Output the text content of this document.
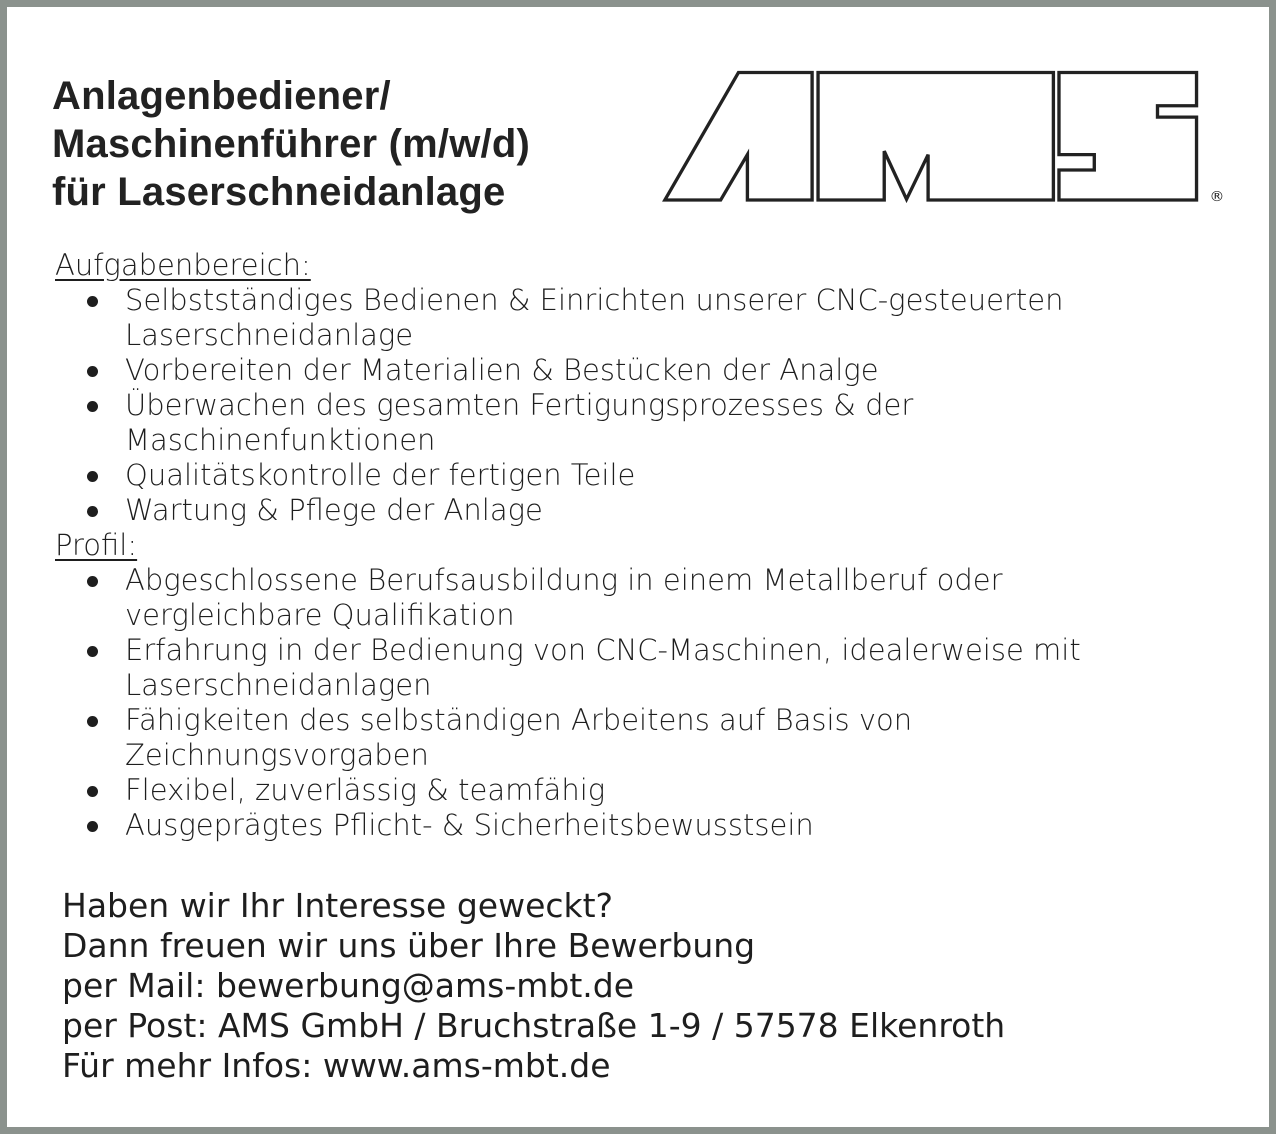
Anlagenbediener/
Maschinenführer (m/w/d)
für Laserschneidanlage	®
Aufgabenbereich:
Selbstständiges Bedienen & Einrichten unserer CNC-gesteuerten Laserschneidanlage
Vorbereiten der Materialien & Bestücken der Analge
Überwachen des gesamten Fertigungsprozesses & der Maschinenfunktionen
Qualitätskontrolle der fertigen Teile
Wartung & Pflege der Anlage
Profil:
Abgeschlossene Berufsausbildung in einem Metallberuf oder vergleichbare Qualifikation
Erfahrung in der Bedienung von CNC-Maschinen, idealerweise mit Laserschneidanlagen
Fähigkeiten des selbständigen Arbeitens auf Basis von Zeichnungsvorgaben
Flexibel, zuverlässig & teamfähig
Ausgeprägtes Pflicht- & Sicherheitsbewusstsein
Haben wir Ihr Interesse geweckt?
Dann freuen wir uns über Ihre Bewerbung
per Mail: bewerbung@ams-mbt.de
per Post: AMS GmbH / Bruchstraße 1-9 / 57578 Elkenroth
Für mehr Infos: www.ams-mbt.de
